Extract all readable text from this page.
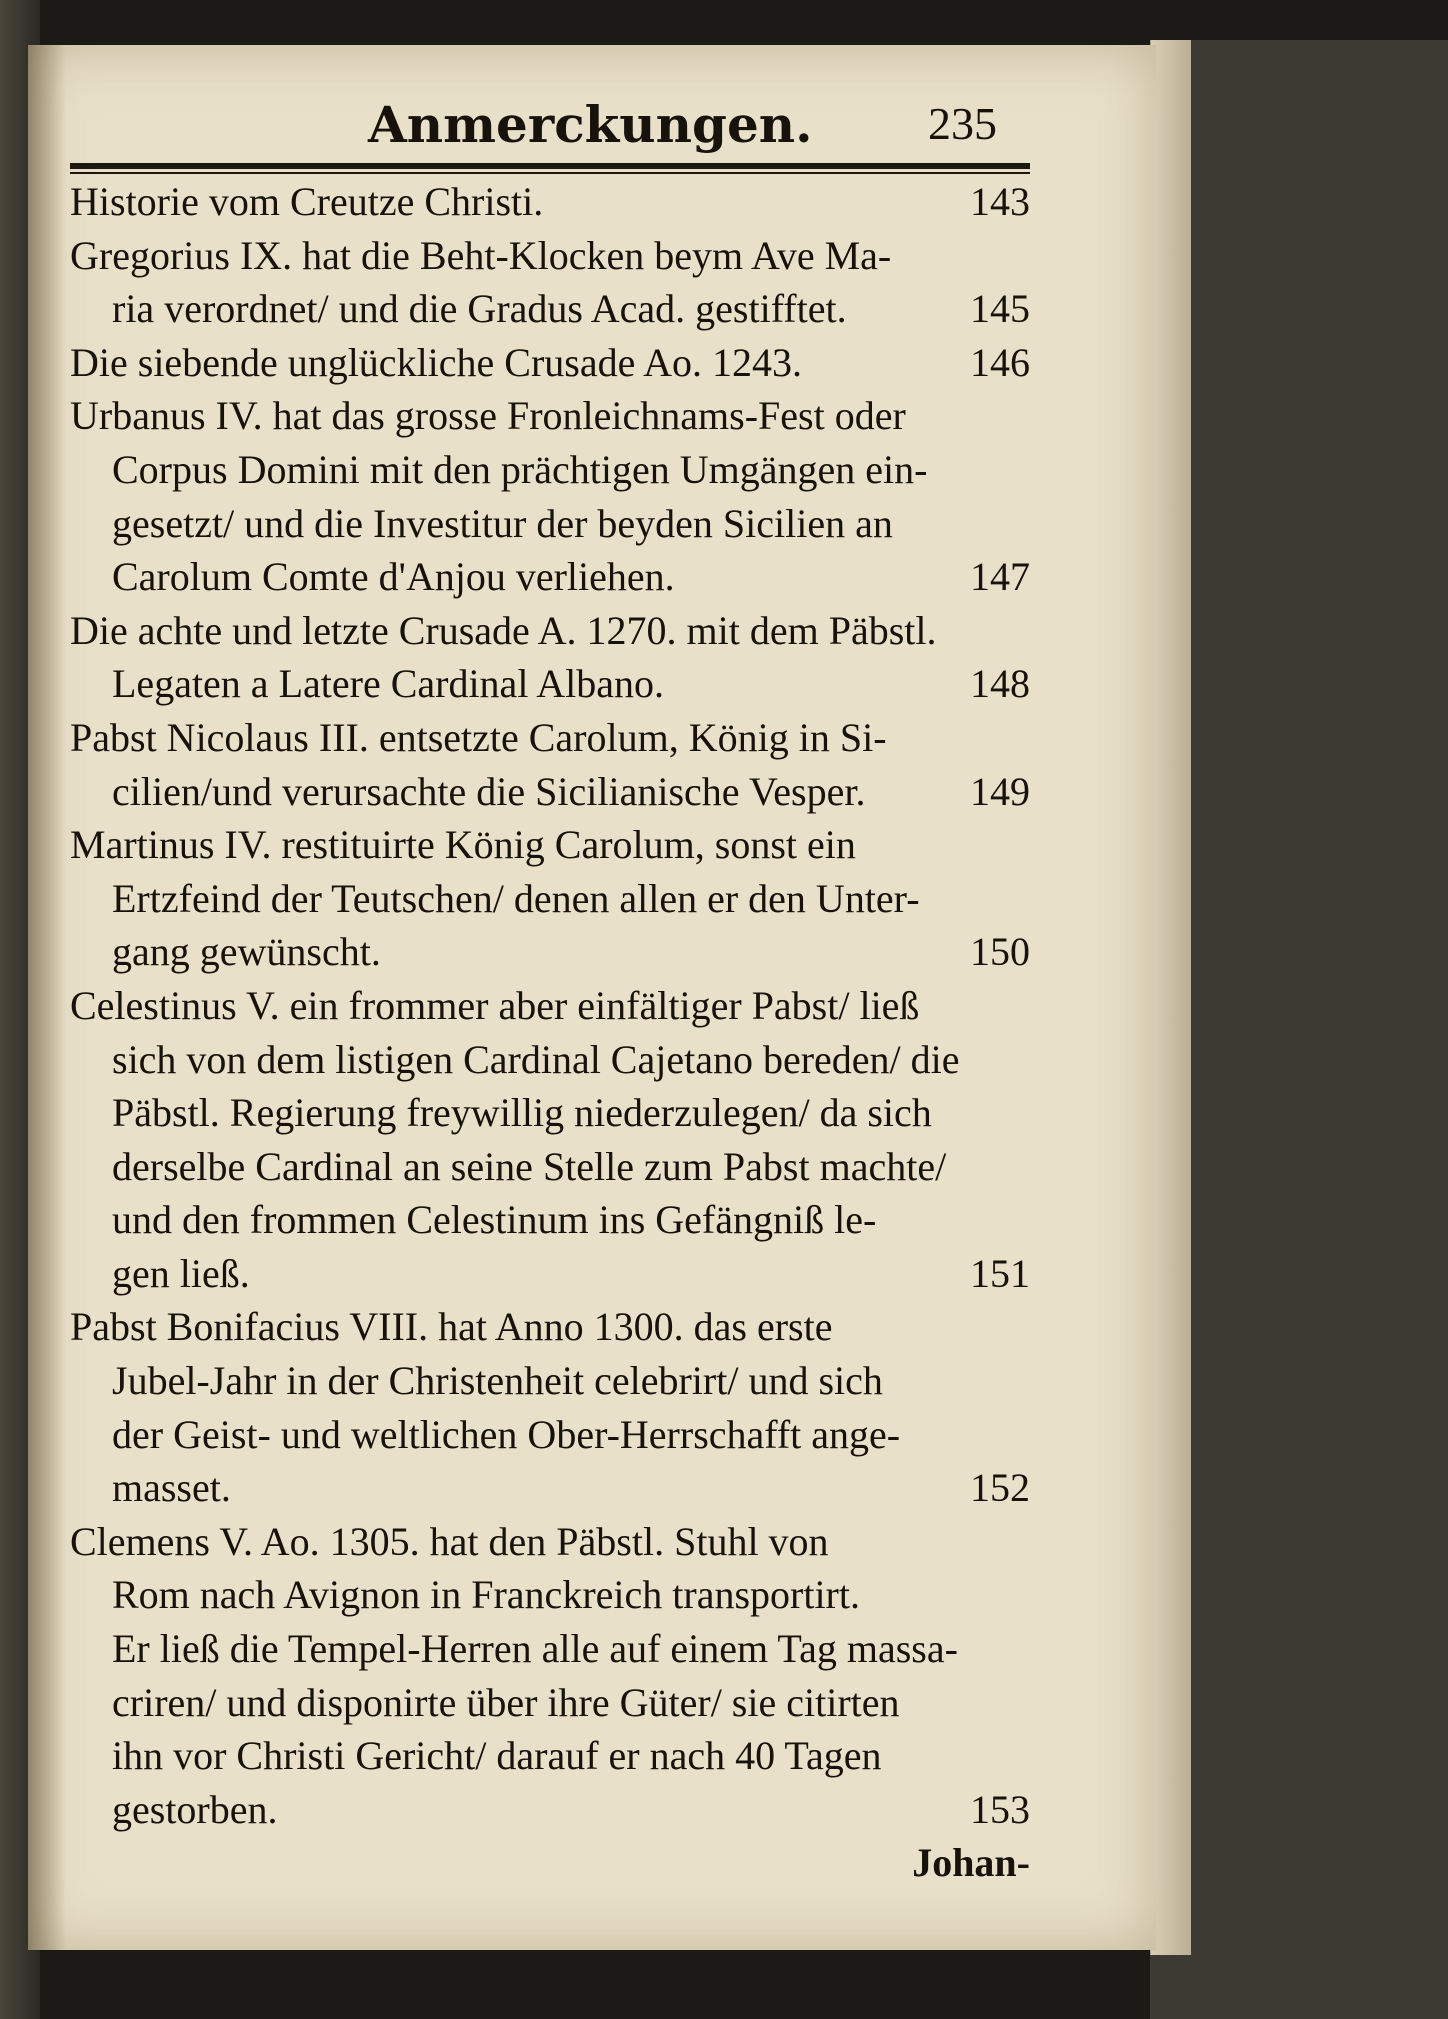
Anmerckungen.	235
Historie vom Creutze Christi.	143
Gregorius IX. hat die Beht-Klocken beym Ave Ma-
ria verordnet/ und die Gradus Acad. gestifftet.	145
Die siebende unglückliche Crusade Ao. 1243.	146
Urbanus IV. hat das grosse Fronleichnams-Fest oder
Corpus Domini mit den prächtigen Umgängen ein-
gesetzt/ und die Investitur der beyden Sicilien an
Carolum Comte d'Anjou verliehen.	147
Die achte und letzte Crusade A. 1270. mit dem Päbstl.
Legaten a Latere Cardinal Albano.	148
Pabst Nicolaus III. entsetzte Carolum, König in Si-
cilien/und verursachte die Sicilianische Vesper.	149
Martinus IV. restituirte König Carolum, sonst ein
Ertzfeind der Teutschen/ denen allen er den Unter-
gang gewünscht.	150
Celestinus V. ein frommer aber einfältiger Pabst/ ließ
sich von dem listigen Cardinal Cajetano bereden/ die
Päbstl. Regierung freywillig niederzulegen/ da sich
derselbe Cardinal an seine Stelle zum Pabst machte/
und den frommen Celestinum ins Gefängniß le-
gen ließ.	151
Pabst Bonifacius VIII. hat Anno 1300. das erste
Jubel-Jahr in der Christenheit celebrirt/ und sich
der Geist- und weltlichen Ober-Herrschafft ange-
masset.	152
Clemens V. Ao. 1305. hat den Päbstl. Stuhl von
Rom nach Avignon in Franckreich transportirt.
Er ließ die Tempel-Herren alle auf einem Tag massa-
criren/ und disponirte über ihre Güter/ sie citirten
ihn vor Christi Gericht/ darauf er nach 40 Tagen
gestorben.	153
Johan-
